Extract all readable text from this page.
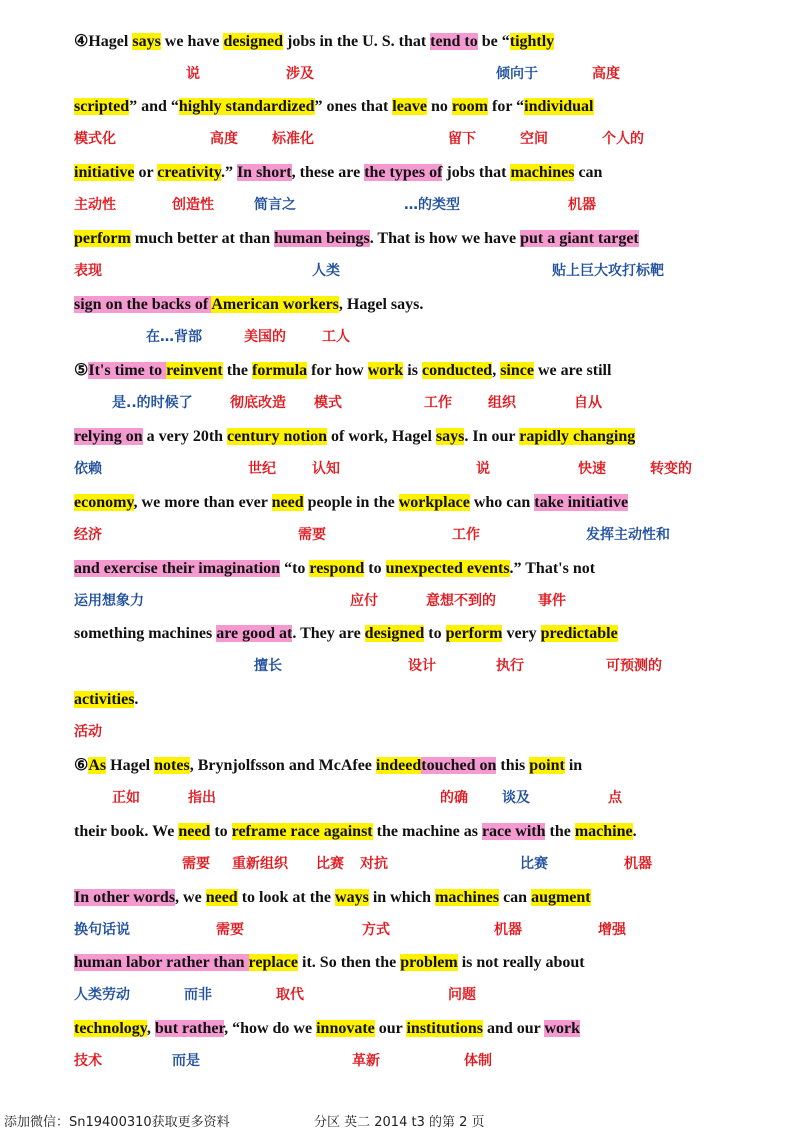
④Hagel says we have designed jobs in the U. S. that tend to be “tightly
说	涉及	倾向于	高度
scripted” and “highly standardized” ones that leave no room for “individual
模式化	高度 标准化	留下	空间	个人的
initiative or creativity.” In short, these are the types of jobs that machines can
主动性	创造性	简言之	…的类型	机器
perform much better at than human beings. That is how we have put a giant target
表现	人类	贴上巨大攻打标靶
sign on the backs of American workers, Hagel says.
在…背部	美国的	工人
⑤It's time to reinvent the formula for how work is conducted, since we are still
是..的时候了	彻底改造 模式	工作	组织	自从
relying on a very 20th century notion of work, Hagel says. In our rapidly changing
依赖	世纪	认知	说	快速	转变的
economy, we more than ever need people in the workplace who can take initiative
经济	需要	工作	发挥主动性和
and exercise their imagination “to respond to unexpected events.” That's not
运用想象力	应付	意想不到的	事件
something machines are good at. They are designed to perform very predictable
擅长	设计	执行	可预测的
activities.
活动
⑥As Hagel notes, Brynjolfsson and McAfee indeedtouched on this point in
正如	指出	的确 谈及	点
their book. We need to reframe race against the machine as race with the machine.
需要 重新组织 比赛 对抗	比赛	机器
In other words, we need to look at the ways in which machines can augment
换句话说	需要	方式	机器	增强
human labor rather than replace it. So then the problem is not really about
人类劳动	而非	取代	问题
technology, but rather, “how do we innovate our institutions and our work
技术	而是	革新	体制
添加微信：Sn19400310获取更多资料	分区 英二 2014 t3 的第 2 页
